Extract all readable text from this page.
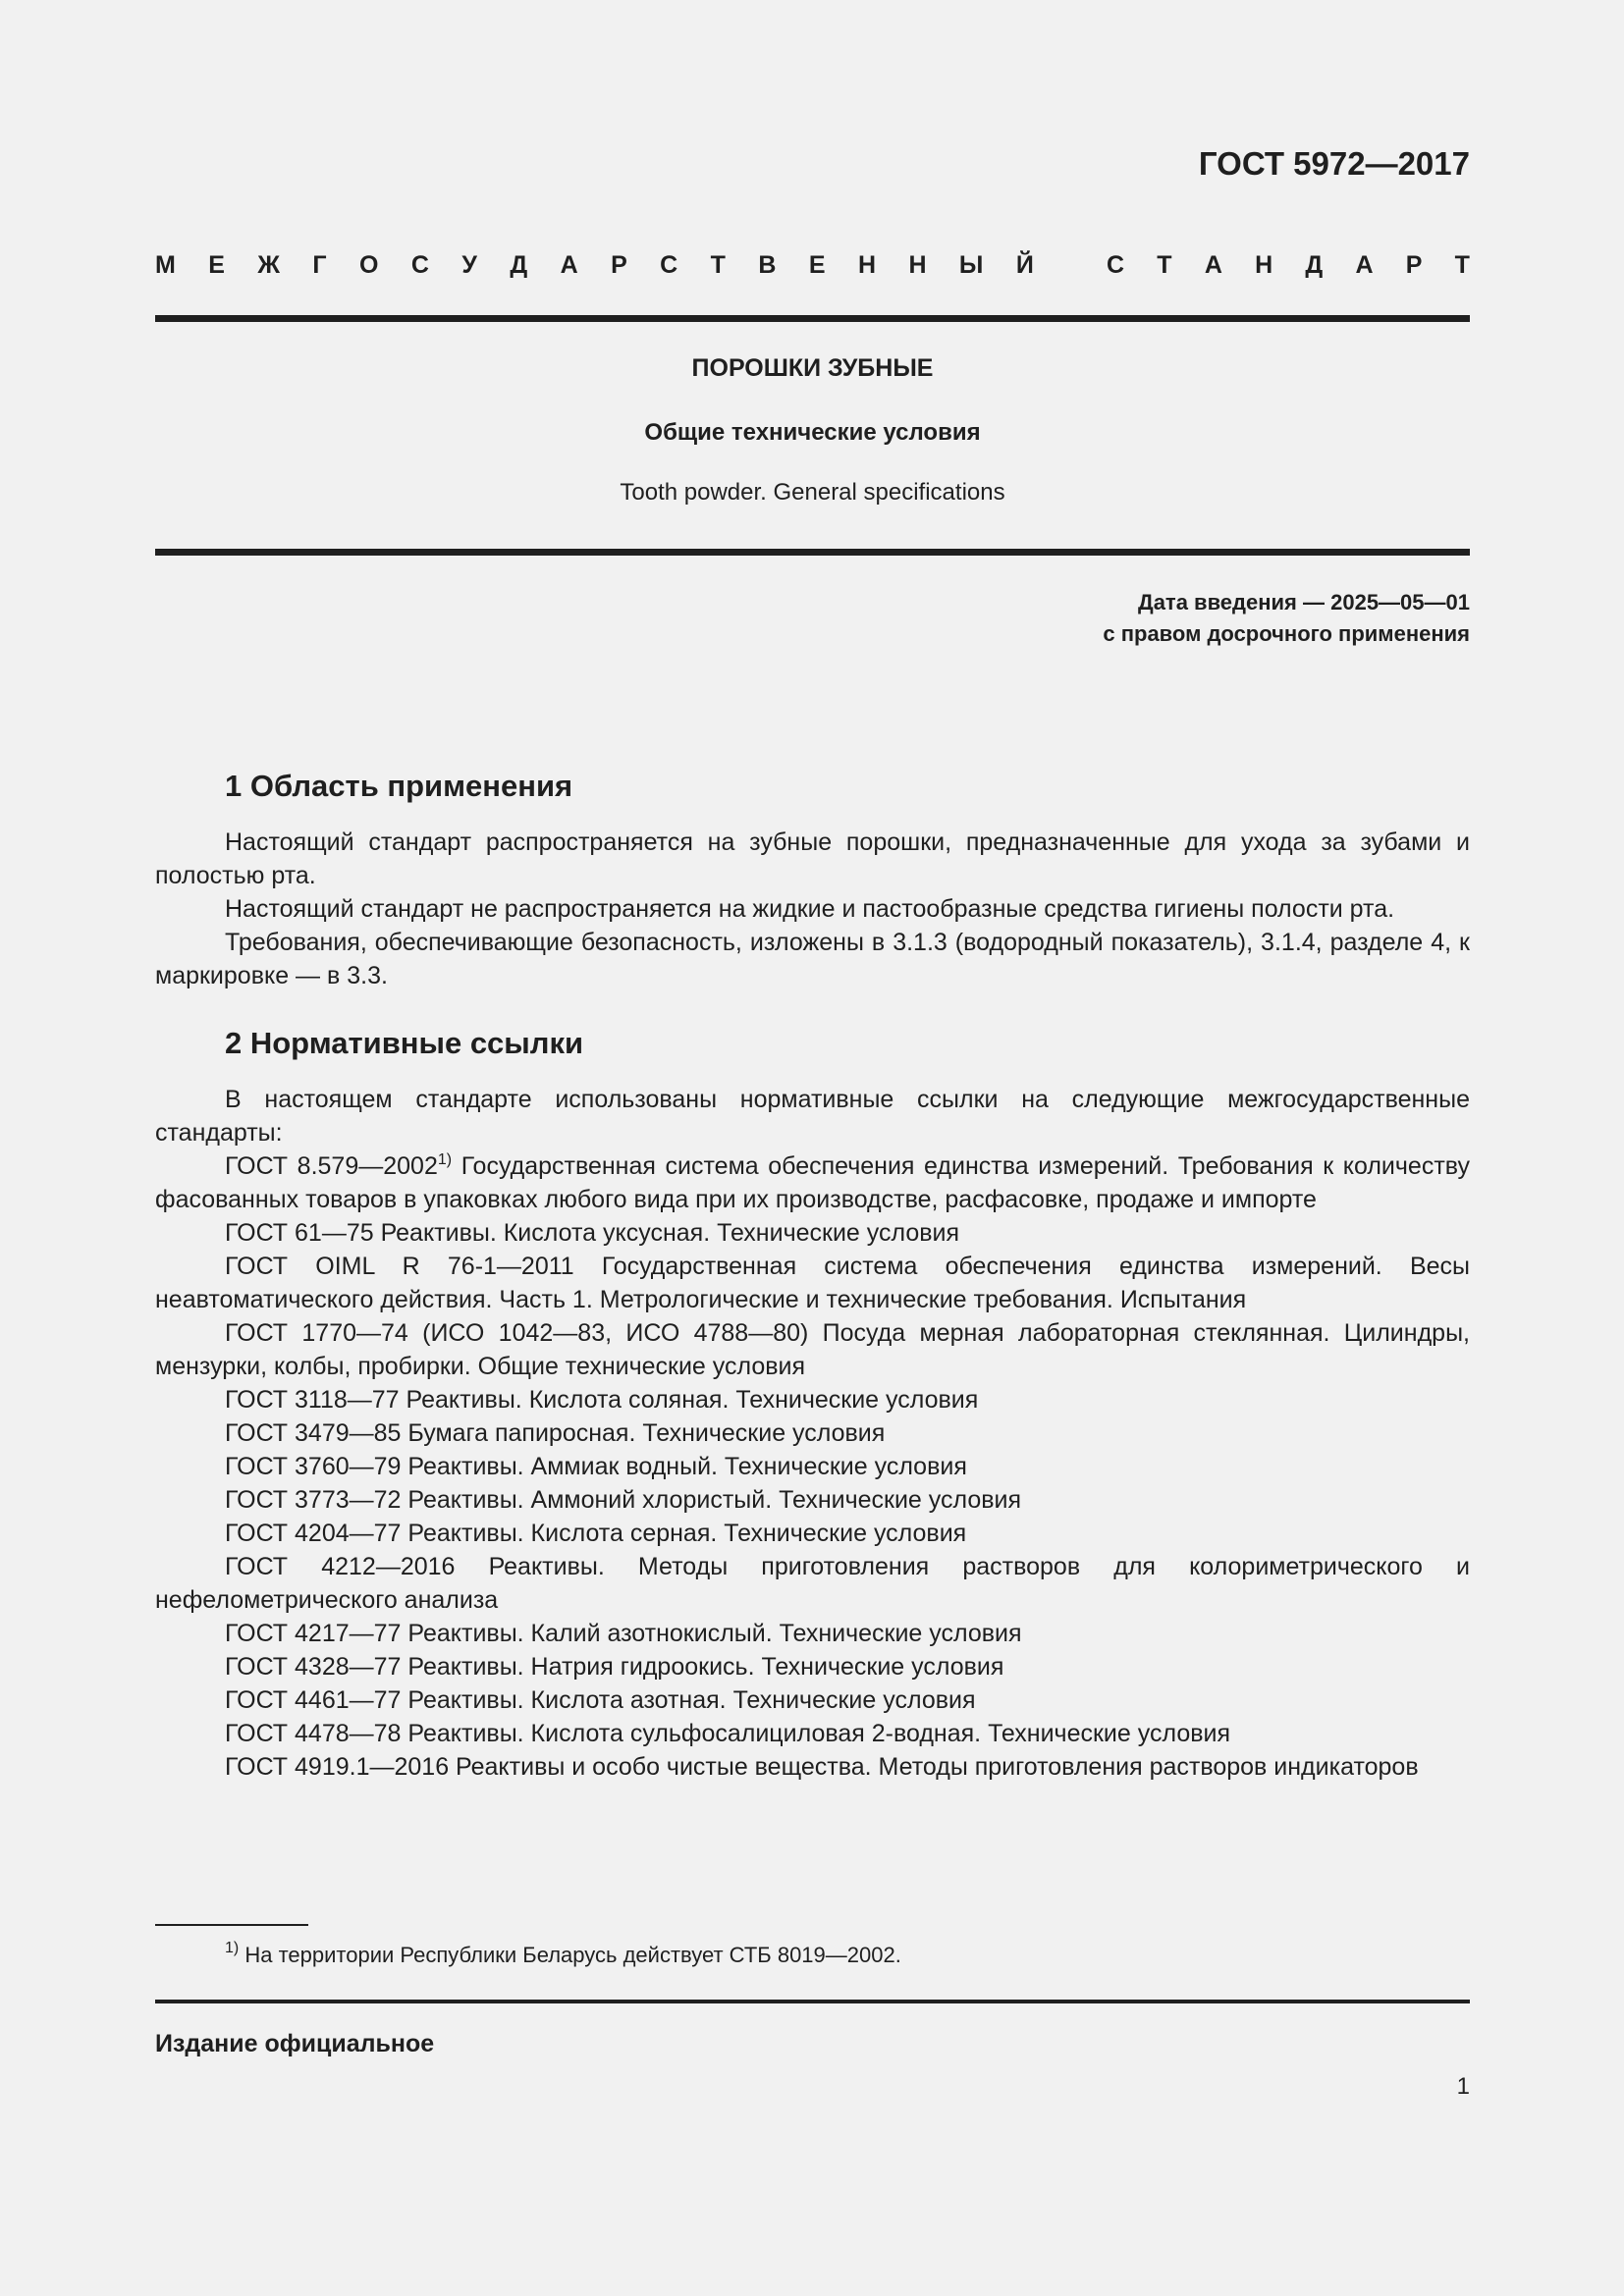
ГОСТ 5972—2017
М Е Ж Г О С У Д А Р С Т В Е Н Н Ы Й	С Т А Н Д А Р Т
ПОРОШКИ ЗУБНЫЕ
Общие технические условия
Tooth powder. General specifications
Дата введения — 2025—05—01
с правом досрочного применения
1 Область применения

Настоящий стандарт распространяется на зубные порошки, предназначенные для ухода за зубами и полостью рта.

Настоящий стандарт не распространяется на жидкие и пастообразные средства гигиены полости рта.

Требования, обеспечивающие безопасность, изложены в 3.1.3 (водородный показатель), 3.1.4, разделе 4, к маркировке — в 3.3.

2 Нормативные ссылки

В настоящем стандарте использованы нормативные ссылки на следующие межгосударственные стандарты:

ГОСТ 8.579—2002$^{1)}$ Государственная система обеспечения единства измерений. Требования к количеству фасованных товаров в упаковках любого вида при их производстве, расфасовке, продаже и импорте

ГОСТ 61—75 Реактивы. Кислота уксусная. Технические условия

ГОСТ OIML R 76-1—2011 Государственная система обеспечения единства измерений. Весы неавтоматического действия. Часть 1. Метрологические и технические требования. Испытания

ГОСТ 1770—74 (ИСО 1042—83, ИСО 4788—80) Посуда мерная лабораторная стеклянная. Цилиндры, мензурки, колбы, пробирки. Общие технические условия

ГОСТ 3118—77 Реактивы. Кислота соляная. Технические условия

ГОСТ 3479—85 Бумага папиросная. Технические условия

ГОСТ 3760—79 Реактивы. Аммиак водный. Технические условия

ГОСТ 3773—72 Реактивы. Аммоний хлористый. Технические условия

ГОСТ 4204—77 Реактивы. Кислота серная. Технические условия

ГОСТ 4212—2016 Реактивы. Методы приготовления растворов для колориметрического и нефелометрического анализа

ГОСТ 4217—77 Реактивы. Калий азотнокислый. Технические условия

ГОСТ 4328—77 Реактивы. Натрия гидроокись. Технические условия

ГОСТ 4461—77 Реактивы. Кислота азотная. Технические условия

ГОСТ 4478—78 Реактивы. Кислота сульфосалициловая 2-водная. Технические условия

ГОСТ 4919.1—2016 Реактивы и особо чистые вещества. Методы приготовления растворов индикаторов

$^{1)}$ На территории Республики Беларусь действует СТБ 8019—2002.
Издание официальное
1
